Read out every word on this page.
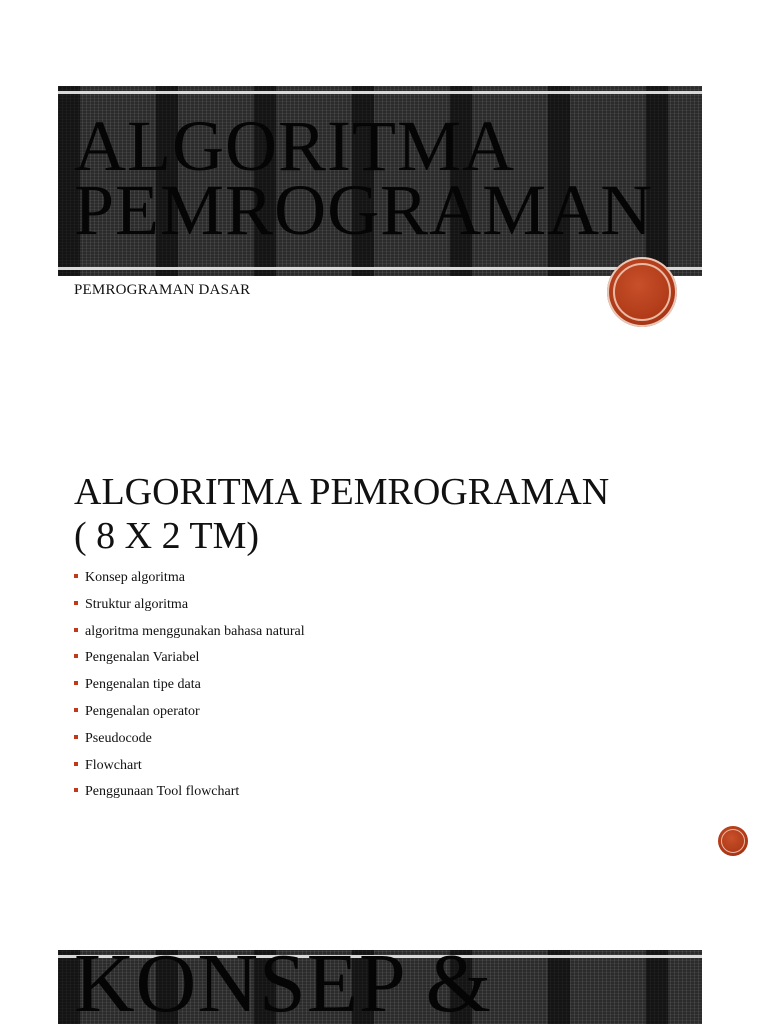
ALGORITMA
PEMROGRAMAN
PEMROGRAMAN DASAR
ALGORITMA PEMROGRAMAN
( 8 X 2 TM)
Konsep algoritma
Struktur algoritma
algoritma menggunakan bahasa natural
Pengenalan Variabel
Pengenalan tipe data
Pengenalan operator
Pseudocode
Flowchart
Penggunaan Tool flowchart
KONSEP &
